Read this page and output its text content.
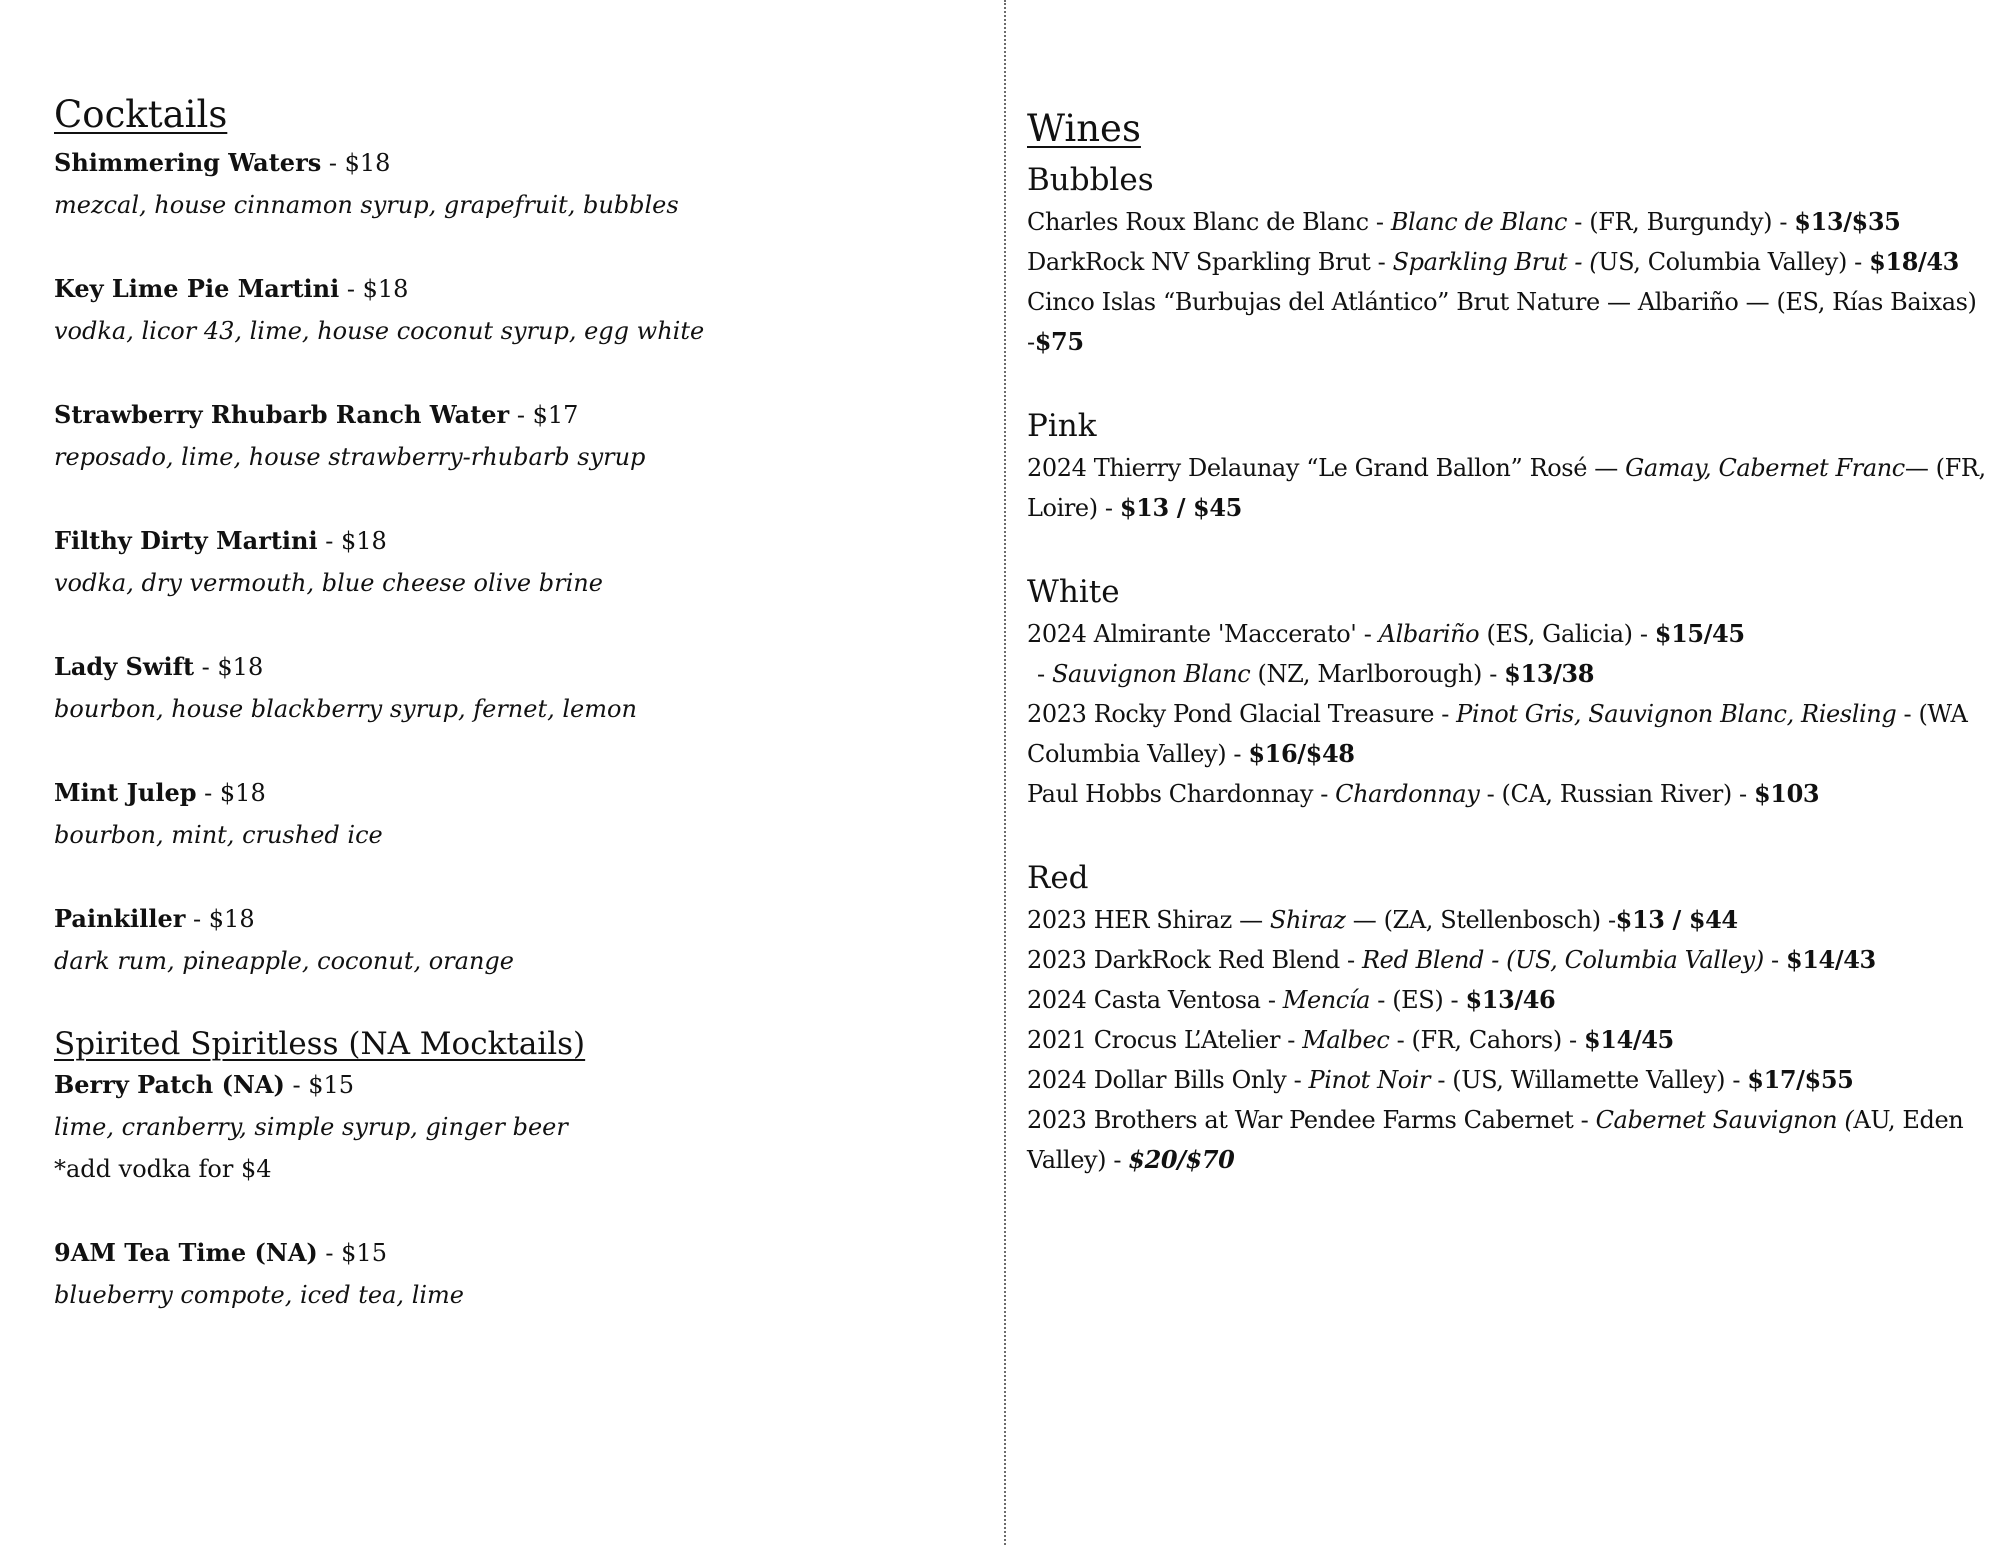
Cocktails
Shimmering Waters - $18
mezcal, house cinnamon syrup, grapefruit, bubbles
Key Lime Pie Martini - $18
vodka, licor 43, lime, house coconut syrup, egg white
Strawberry Rhubarb Ranch Water - $17
reposado, lime, house strawberry-rhubarb syrup
Filthy Dirty Martini - $18
vodka, dry vermouth, blue cheese olive brine
Lady Swift - $18
bourbon, house blackberry syrup, fernet, lemon
Mint Julep - $18
bourbon, mint, crushed ice
Painkiller - $18
dark rum, pineapple, coconut, orange
Spirited Spiritless (NA Mocktails)
Berry Patch (NA) - $15
lime, cranberry, simple syrup, ginger beer
*add vodka for $4
9AM Tea Time (NA) - $15
blueberry compote, iced tea, lime
Wines
Bubbles
Charles Roux Blanc de Blanc - Blanc de Blanc - (FR, Burgundy) - $13/$35
DarkRock NV Sparkling Brut - Sparkling Brut - (US, Columbia Valley) - $18/43
Cinco Islas “Burbujas del Atlántico” Brut Nature — Albariño — (ES, Rías Baixas)
-$75
Pink
2024 Thierry Delaunay “Le Grand Ballon” Rosé — Gamay, Cabernet Franc— (FR,
Loire) - $13 / $45
White
2024 Almirante 'Maccerato' - Albariño (ES, Galicia) - $15/45
- Sauvignon Blanc (NZ, Marlborough) - $13/38
2023 Rocky Pond Glacial Treasure - Pinot Gris, Sauvignon Blanc, Riesling - (WA
Columbia Valley) - $16/$48
Paul Hobbs Chardonnay - Chardonnay - (CA, Russian River) - $103
Red
2023 HER Shiraz — Shiraz — (ZA, Stellenbosch) -$13 / $44
2023 DarkRock Red Blend - Red Blend - (US, Columbia Valley) - $14/43
2024 Casta Ventosa - Mencía - (ES) - $13/46
2021 Crocus L’Atelier - Malbec - (FR, Cahors) - $14/45
2024 Dollar Bills Only - Pinot Noir - (US, Willamette Valley) - $17/$55
2023 Brothers at War Pendee Farms Cabernet - Cabernet Sauvignon (AU, Eden
Valley) - $20/$70
